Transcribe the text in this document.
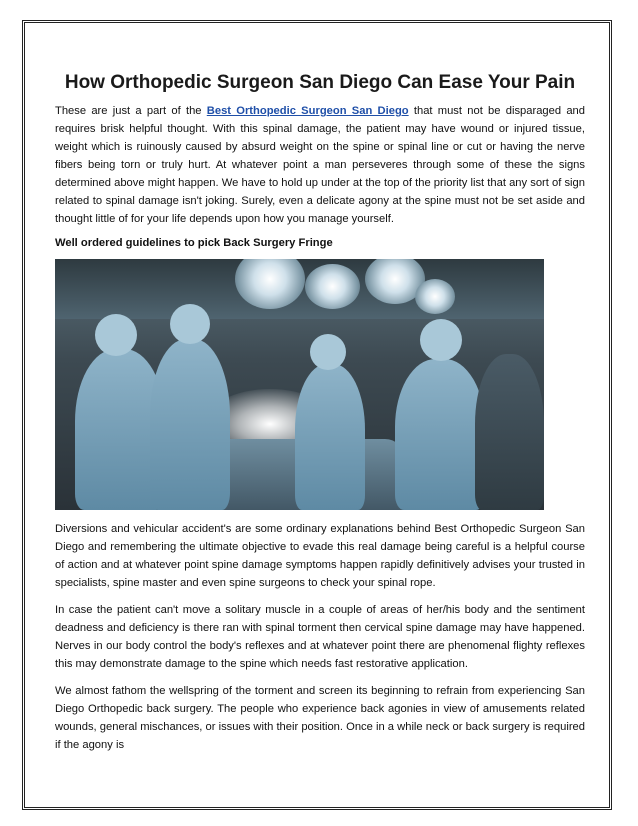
How Orthopedic Surgeon San Diego Can Ease Your Pain

These are just a part of the Best Orthopedic Surgeon San Diego that must not be disparaged and requires brisk helpful thought. With this spinal damage, the patient may have wound or injured tissue, weight which is ruinously caused by absurd weight on the spine or spinal line or cut or having the nerve fibers being torn or truly hurt. At whatever point a man perseveres through some of these the signs determined above might happen. We have to hold up under at the top of the priority list that any sort of sign related to spinal damage isn't joking. Surely, even a delicate agony at the spine must not be set aside and thought little of for your life depends upon how you manage yourself.

Well ordered guidelines to pick Back Surgery Fringe

Diversions and vehicular accident's are some ordinary explanations behind Best Orthopedic Surgeon San Diego and remembering the ultimate objective to evade this real damage being careful is a helpful course of action and at whatever point spine damage symptoms happen rapidly definitively advises your trusted in specialists, spine master and even spine surgeons to check your spinal rope.

In case the patient can't move a solitary muscle in a couple of areas of her/his body and the sentiment deadness and deficiency is there ran with spinal torment then cervical spine damage may have happened. Nerves in our body control the body's reflexes and at whatever point there are phenomenal flighty reflexes this may demonstrate damage to the spine which needs fast restorative application.

We almost fathom the wellspring of the torment and screen its beginning to refrain from experiencing San Diego Orthopedic back surgery. The people who experience back agonies in view of amusements related wounds, general mischances, or issues with their position. Once in a while neck or back surgery is required if the agony is
